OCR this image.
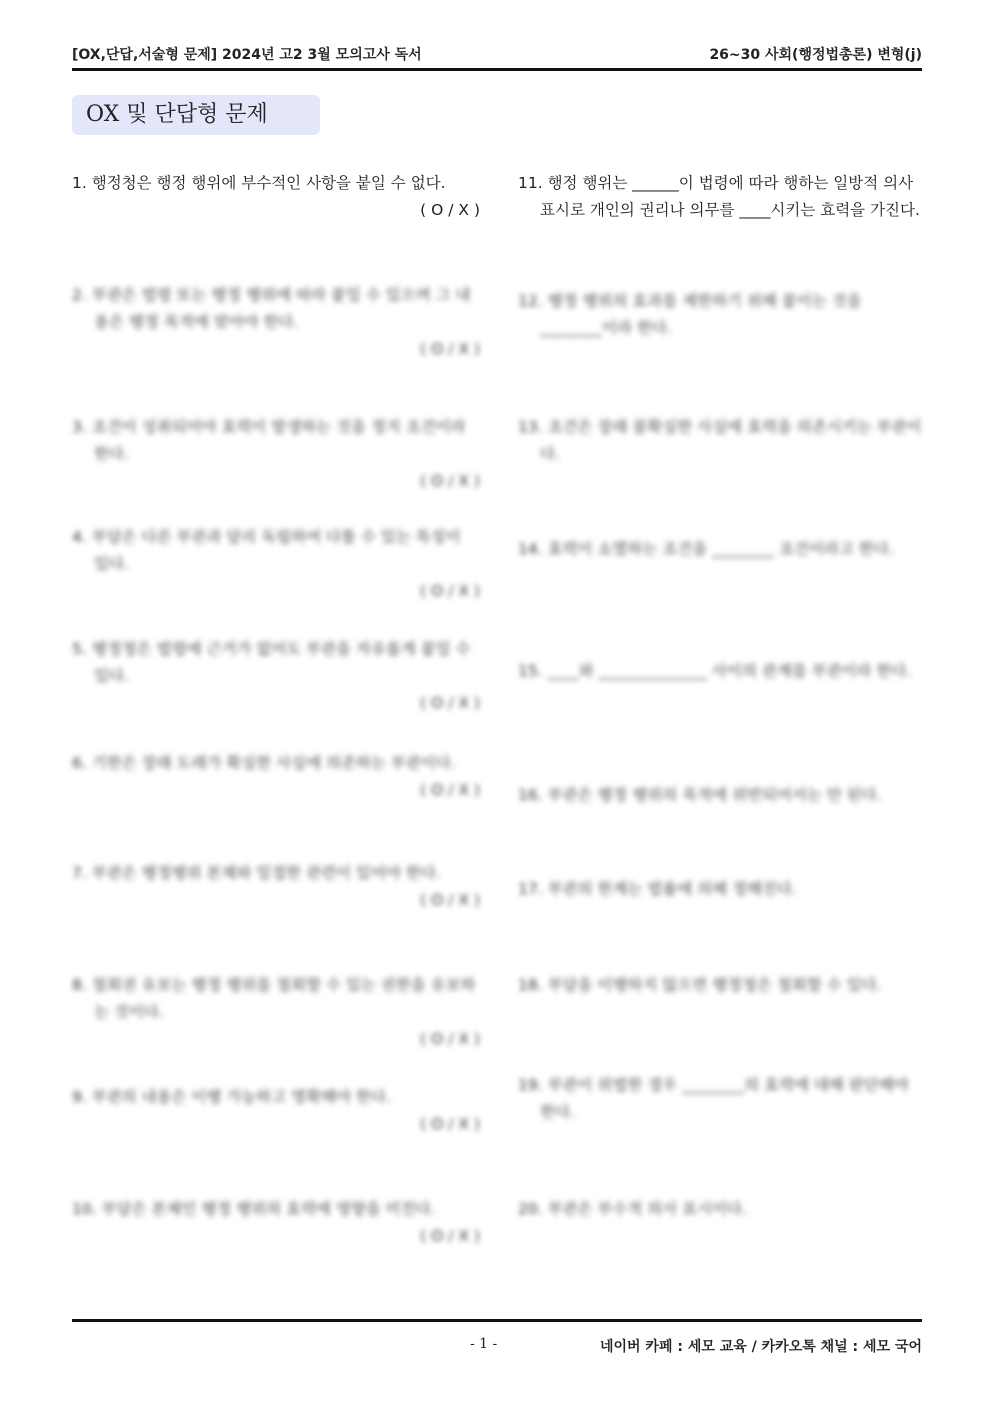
[OX,단답,서술형 문제] 2024년 고2 3월 모의고사 독서	26~30 사회(행정법총론) 변형(j)
OX 및 단답형 문제
1. 행정청은 행정 행위에 부수적인 사항을 붙일 수 없다.
( O / X )
2. 부관은 법령 또는 행정 행위에 따라 붙일 수 있으며 그 내용은 행정 목적에 맞아야 한다.
( O / X )
3. 조건이 성취되어야 효력이 발생하는 것을 정지 조건이라 한다.
( O / X )
4. 부담은 다른 부관과 달리 독립하여 다툴 수 있는 특징이 있다.
( O / X )
5. 행정청은 법령에 근거가 없어도 부관을 자유롭게 붙일 수 있다.
( O / X )
6. 기한은 장래 도래가 확실한 사실에 의존하는 부관이다.
( O / X )
7. 부관은 행정행위 본체와 밀접한 관련이 있어야 한다.
( O / X )
8. 철회권 유보는 행정 행위를 철회할 수 있는 권한을 유보하는 것이다.
( O / X )
9. 부관의 내용은 이행 가능하고 명확해야 한다.
( O / X )
10. 부담은 본체인 행정 행위의 효력에 영향을 미친다.
( O / X )
11. 행정 행위는 ______이 법령에 따라 행하는 일방적 의사 표시로 개인의 권리나 의무를 ____시키는 효력을 가진다.
12. 행정 행위의 효과를 제한하기 위해 붙이는 것을 ________이라 한다.
13. 조건은 장래 불확실한 사실에 효력을 의존시키는 부관이다.
14. 효력이 소멸하는 조건을 ________ 조건이라고 한다.
15. ____와 ______________ 사이의 관계를 부관이라 한다.
16. 부관은 행정 행위의 목적에 위반되어서는 안 된다.
17. 부관의 한계는 법률에 의해 정해진다.
18. 부담을 이행하지 않으면 행정청은 철회할 수 있다.
19. 부관이 위법한 경우 ________의 효력에 대해 판단해야 한다.
20. 부관은 부수적 의사 표시이다.
- 1 -	네이버 카페 : 세모 교육 / 카카오톡 채널 : 세모 국어
